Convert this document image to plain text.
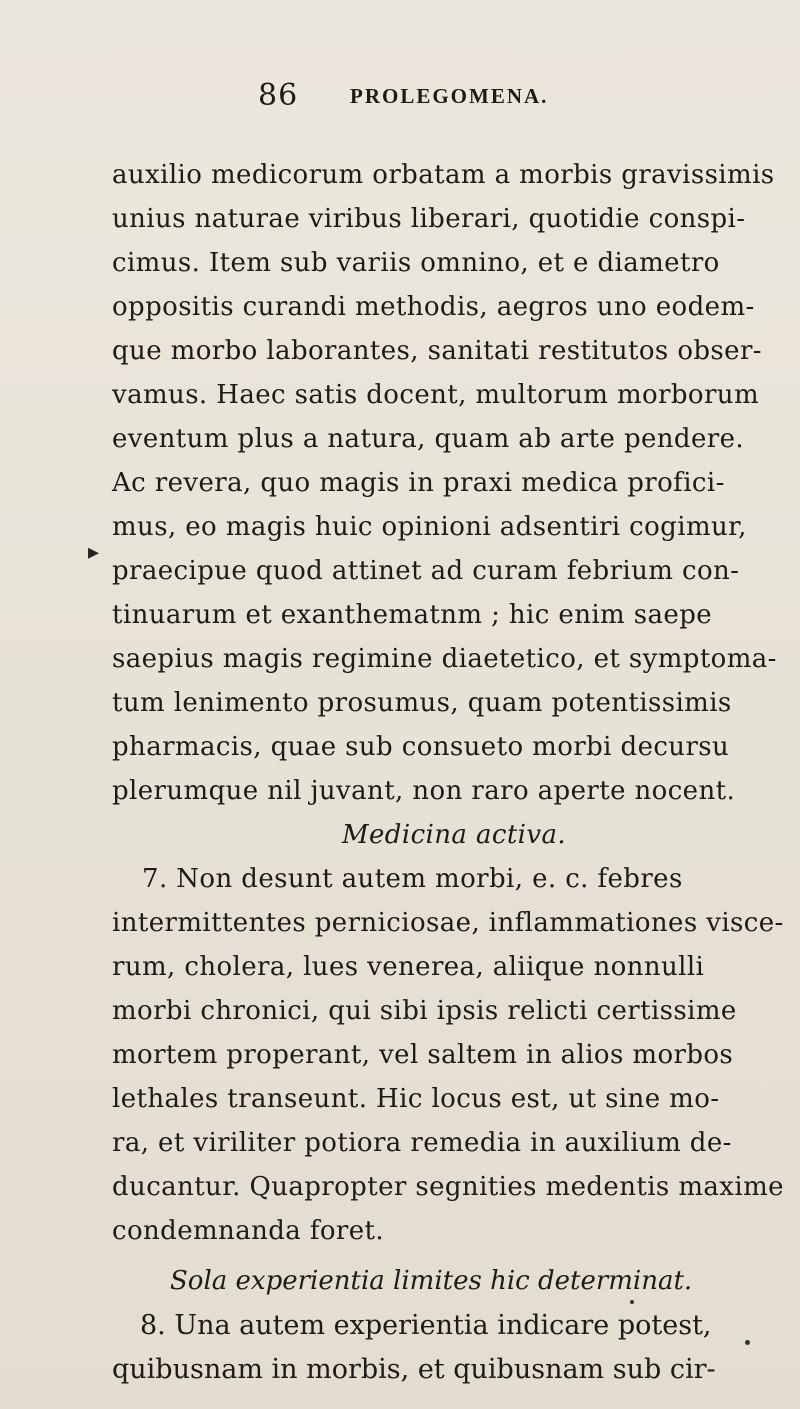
86 PROLEGOMENA.
▸
auxilio medicorum orbatam a morbis gravissimis
unius naturae viribus liberari, quotidie conspi-
cimus. Item sub variis omnino, et e diametro
oppositis curandi methodis, aegros uno eodem-
que morbo laborantes, sanitati restitutos obser-
vamus. Haec satis docent, multorum morborum
eventum plus a natura, quam ab arte pendere.
Ac revera, quo magis in praxi medica profici-
mus, eo magis huic opinioni adsentiri cogimur,
praecipue quod attinet ad curam febrium con-
tinuarum et exanthematnm ; hic enim saepe
saepius magis regimine diaetetico, et symptoma-
tum lenimento prosumus, quam potentissimis
pharmacis, quae sub consueto morbi decursu
plerumque nil juvant, non raro aperte nocent.
Medicina activa.
7. Non desunt autem morbi, e. c. febres
intermittentes perniciosae, inflammationes visce-
rum, cholera, lues venerea, aliique nonnulli
morbi chronici, qui sibi ipsis relicti certissime
mortem properant, vel saltem in alios morbos
lethales transeunt. Hic locus est, ut sine mo-
ra, et viriliter potiora remedia in auxilium de-
ducantur. Quapropter segnities medentis maxime
condemnanda foret.
Sola experientia limites hic determinat.
8. Una autem experientia indicare potest,
quibusnam in morbis, et quibusnam sub cir-
